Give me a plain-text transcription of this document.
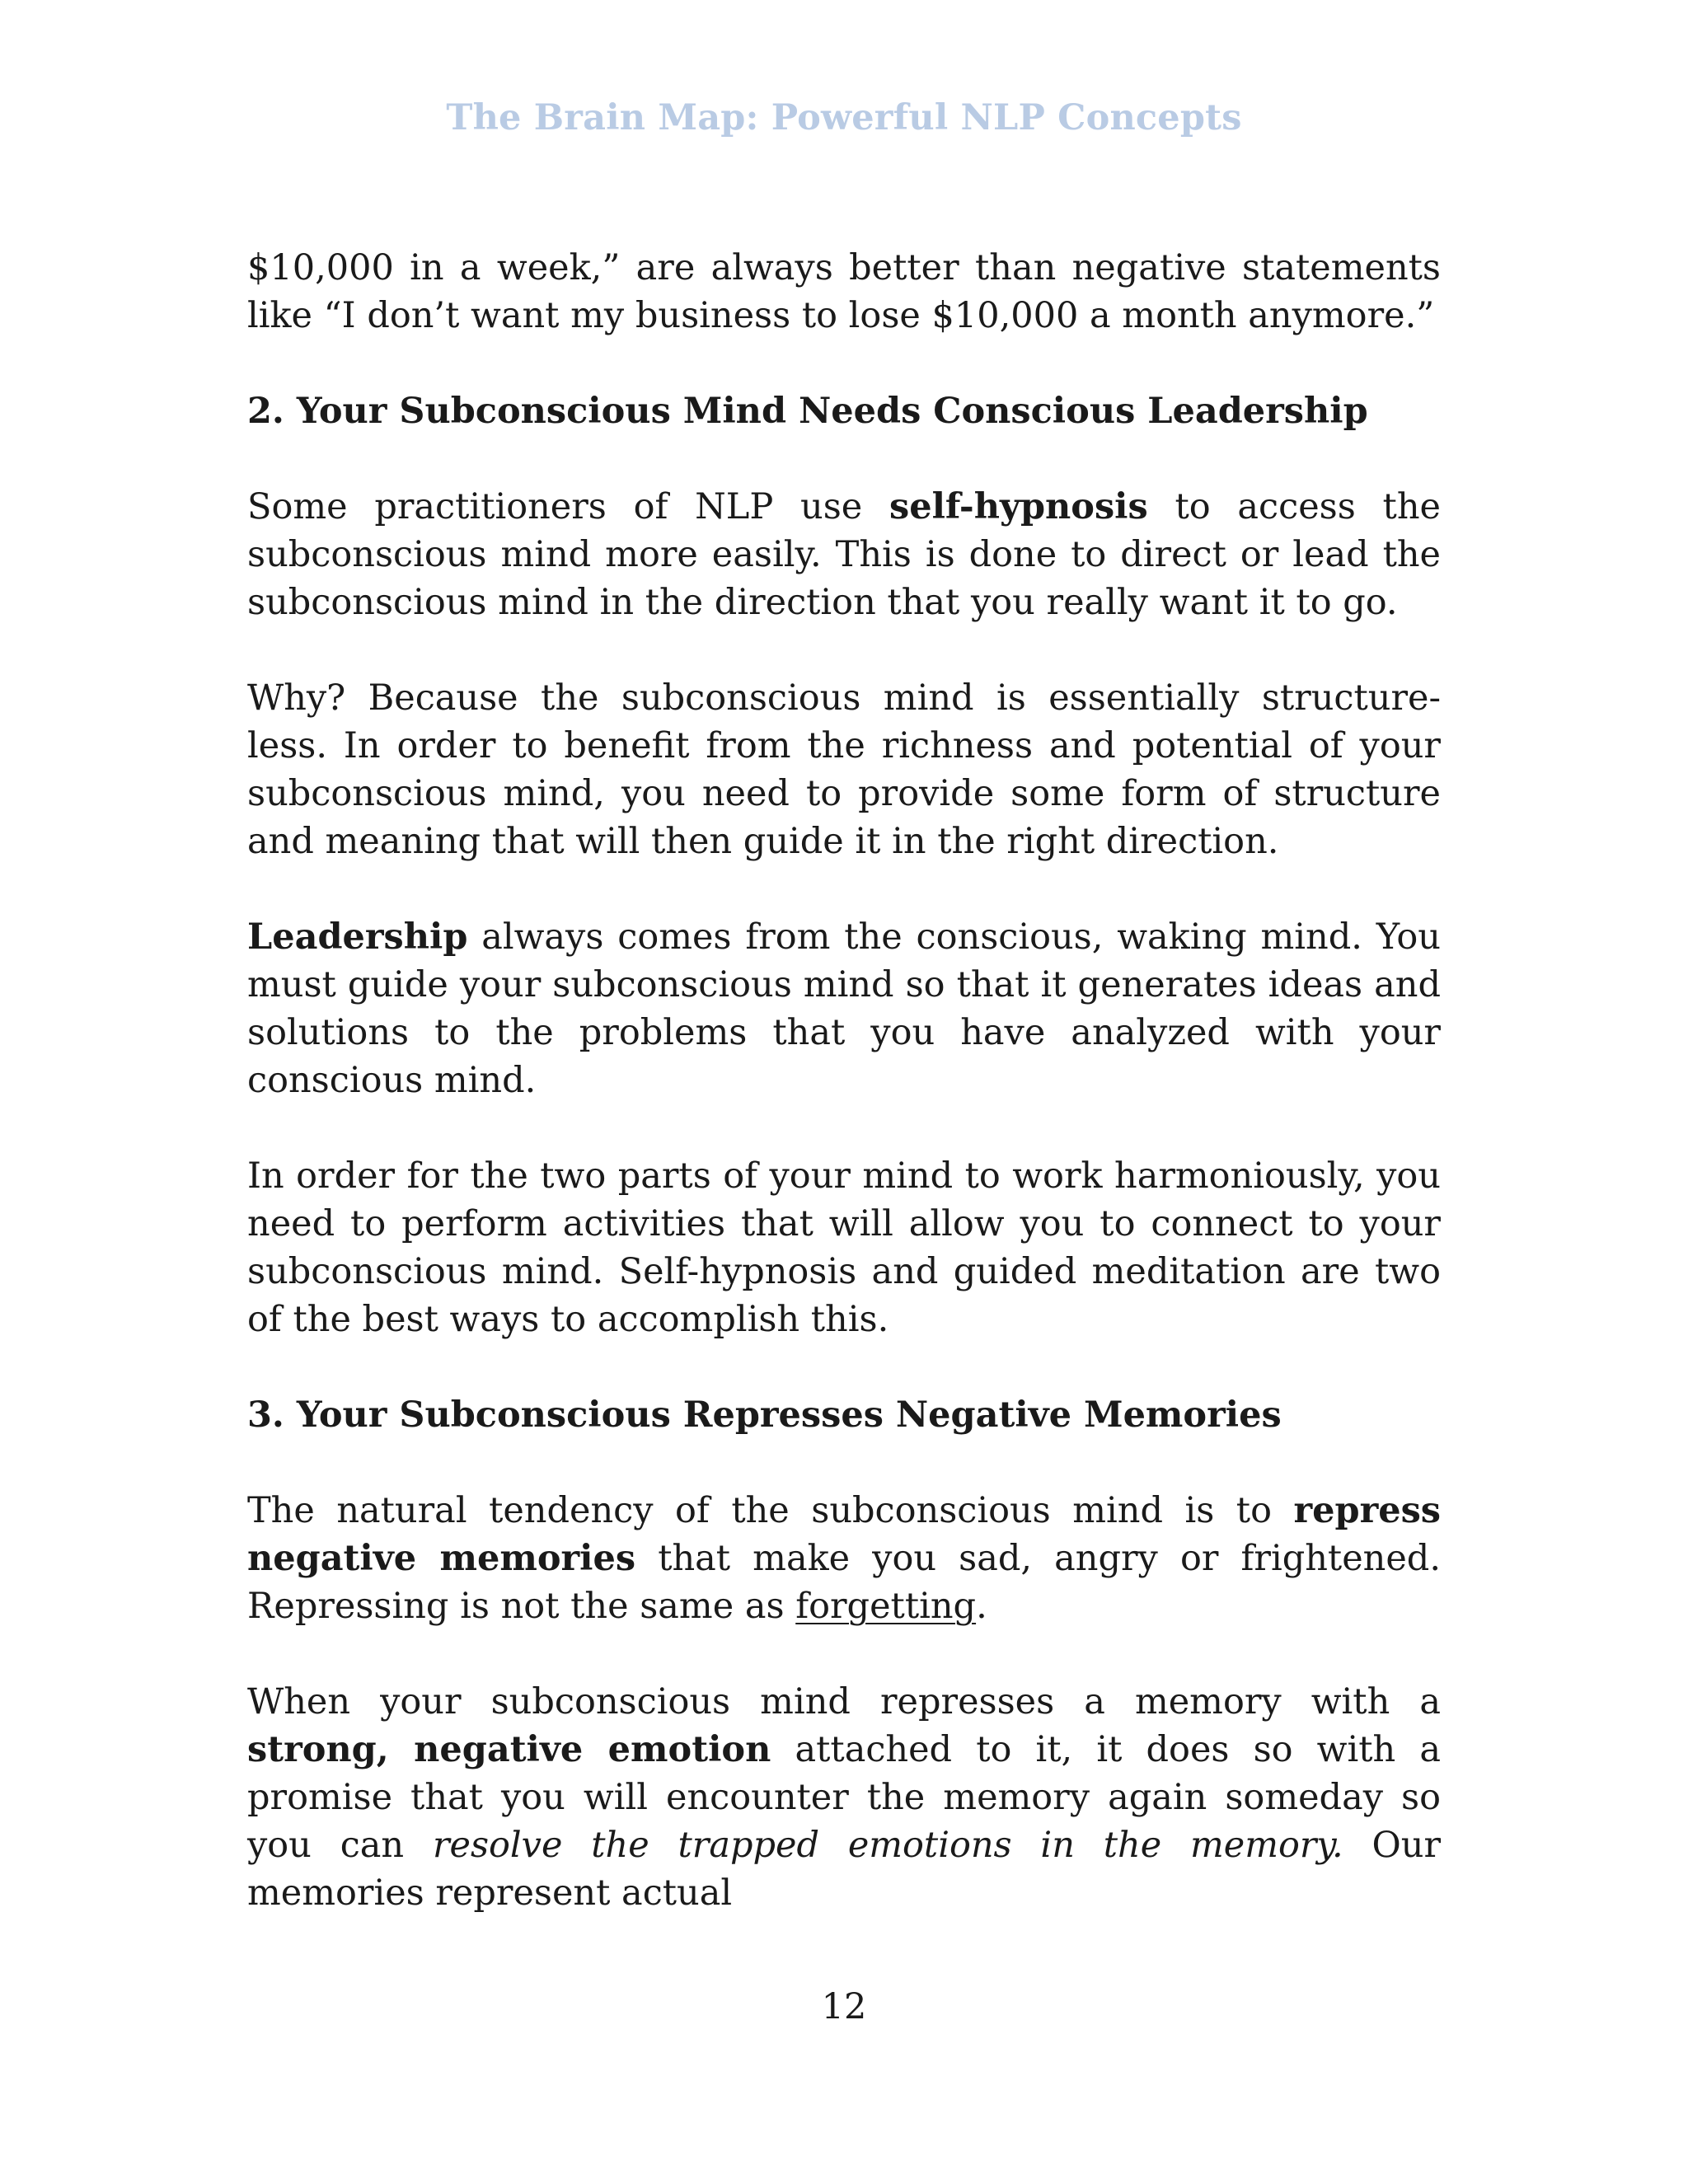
The Brain Map: Powerful NLP Concepts

$10,000 in a week,” are always better than negative statements like “I don’t want my business to lose $10,000 a month anymore.”

2. Your Subconscious Mind Needs Conscious Leadership

Some practitioners of NLP use self-hypnosis to access the subconscious mind more easily. This is done to direct or lead the subconscious mind in the direction that you really want it to go.

Why? Because the subconscious mind is essentially structure-less. In order to benefit from the richness and potential of your subconscious mind, you need to provide some form of structure and meaning that will then guide it in the right direction.

Leadership always comes from the conscious, waking mind. You must guide your subconscious mind so that it generates ideas and solutions to the problems that you have analyzed with your conscious mind.

In order for the two parts of your mind to work harmoniously, you need to perform activities that will allow you to connect to your subconscious mind. Self-hypnosis and guided meditation are two of the best ways to accomplish this.

3. Your Subconscious Represses Negative Memories

The natural tendency of the subconscious mind is to repress negative memories that make you sad, angry or frightened. Repressing is not the same as forgetting.

When your subconscious mind represses a memory with a strong, negative emotion attached to it, it does so with a promise that you will encounter the memory again someday so you can resolve the trapped emotions in the memory. Our memories represent actual

12
